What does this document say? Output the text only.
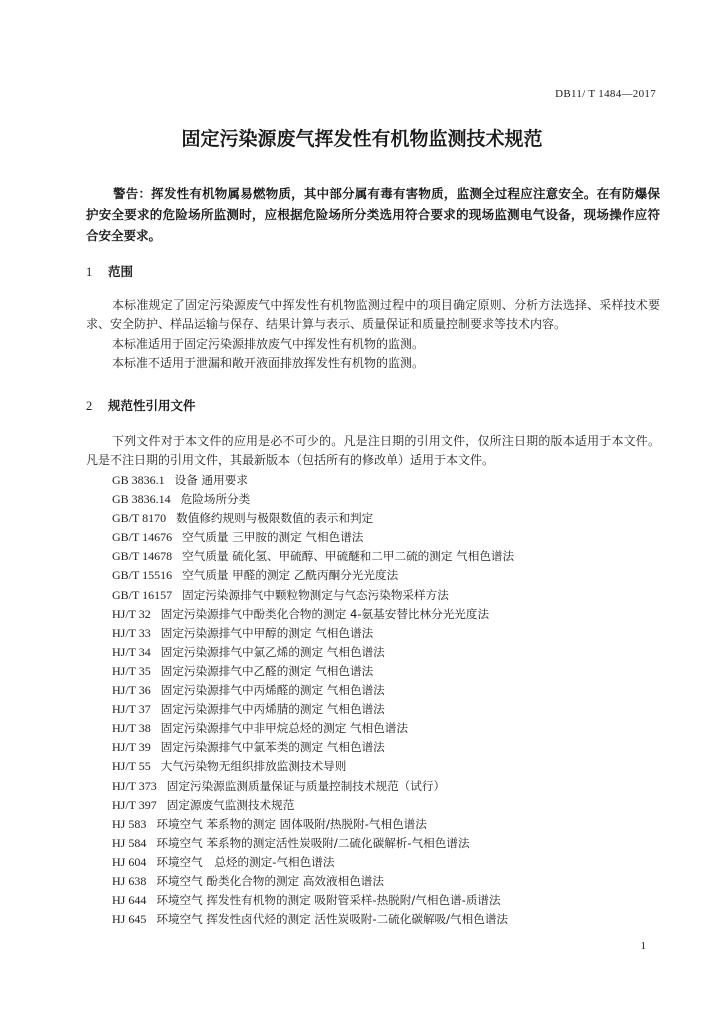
DB11/ T 1484—2017
固定污染源废气挥发性有机物监测技术规范
警告：挥发性有机物属易燃物质，其中部分属有毒有害物质，监测全过程应注意安全。在有防爆保护安全要求的危险场所监测时，应根据危险场所分类选用符合要求的现场监测电气设备，现场操作应符合安全要求。
1 范围
本标准规定了固定污染源废气中挥发性有机物监测过程中的项目确定原则、分析方法选择、采样技术要求、安全防护、样品运输与保存、结果计算与表示、质量保证和质量控制要求等技术内容。
本标准适用于固定污染源排放废气中挥发性有机物的监测。
本标准不适用于泄漏和敞开液面排放挥发性有机物的监测。
2 规范性引用文件
下列文件对于本文件的应用是必不可少的。凡是注日期的引用文件，仅所注日期的版本适用于本文件。凡是不注日期的引用文件，其最新版本（包括所有的修改单）适用于本文件。
GB 3836.1 设备 通用要求
GB 3836.14 危险场所分类
GB/T 8170 数值修约规则与极限数值的表示和判定
GB/T 14676 空气质量 三甲胺的测定 气相色谱法
GB/T 14678 空气质量 硫化氢、甲硫醇、甲硫醚和二甲二硫的测定 气相色谱法
GB/T 15516 空气质量 甲醛的测定 乙酰丙酮分光光度法
GB/T 16157 固定污染源排气中颗粒物测定与气态污染物采样方法
HJ/T 32 固定污染源排气中酚类化合物的测定 4-氨基安替比林分光光度法
HJ/T 33 固定污染源排气中甲醇的测定 气相色谱法
HJ/T 34 固定污染源排气中氯乙烯的测定 气相色谱法
HJ/T 35 固定污染源排气中乙醛的测定 气相色谱法
HJ/T 36 固定污染源排气中丙烯醛的测定 气相色谱法
HJ/T 37 固定污染源排气中丙烯腈的测定 气相色谱法
HJ/T 38 固定污染源排气中非甲烷总烃的测定 气相色谱法
HJ/T 39 固定污染源排气中氯苯类的测定 气相色谱法
HJ/T 55 大气污染物无组织排放监测技术导则
HJ/T 373 固定污染源监测质量保证与质量控制技术规范（试行）
HJ/T 397 固定源废气监测技术规范
HJ 583 环境空气 苯系物的测定 固体吸附/热脱附-气相色谱法
HJ 584 环境空气 苯系物的测定活性炭吸附/二硫化碳解析-气相色谱法
HJ 604 环境空气　总烃的测定-气相色谱法
HJ 638 环境空气 酚类化合物的测定 高效液相色谱法
HJ 644 环境空气 挥发性有机物的测定 吸附管采样-热脱附/气相色谱-质谱法
HJ 645 环境空气 挥发性卤代烃的测定 活性炭吸附-二硫化碳解吸/气相色谱法
1
